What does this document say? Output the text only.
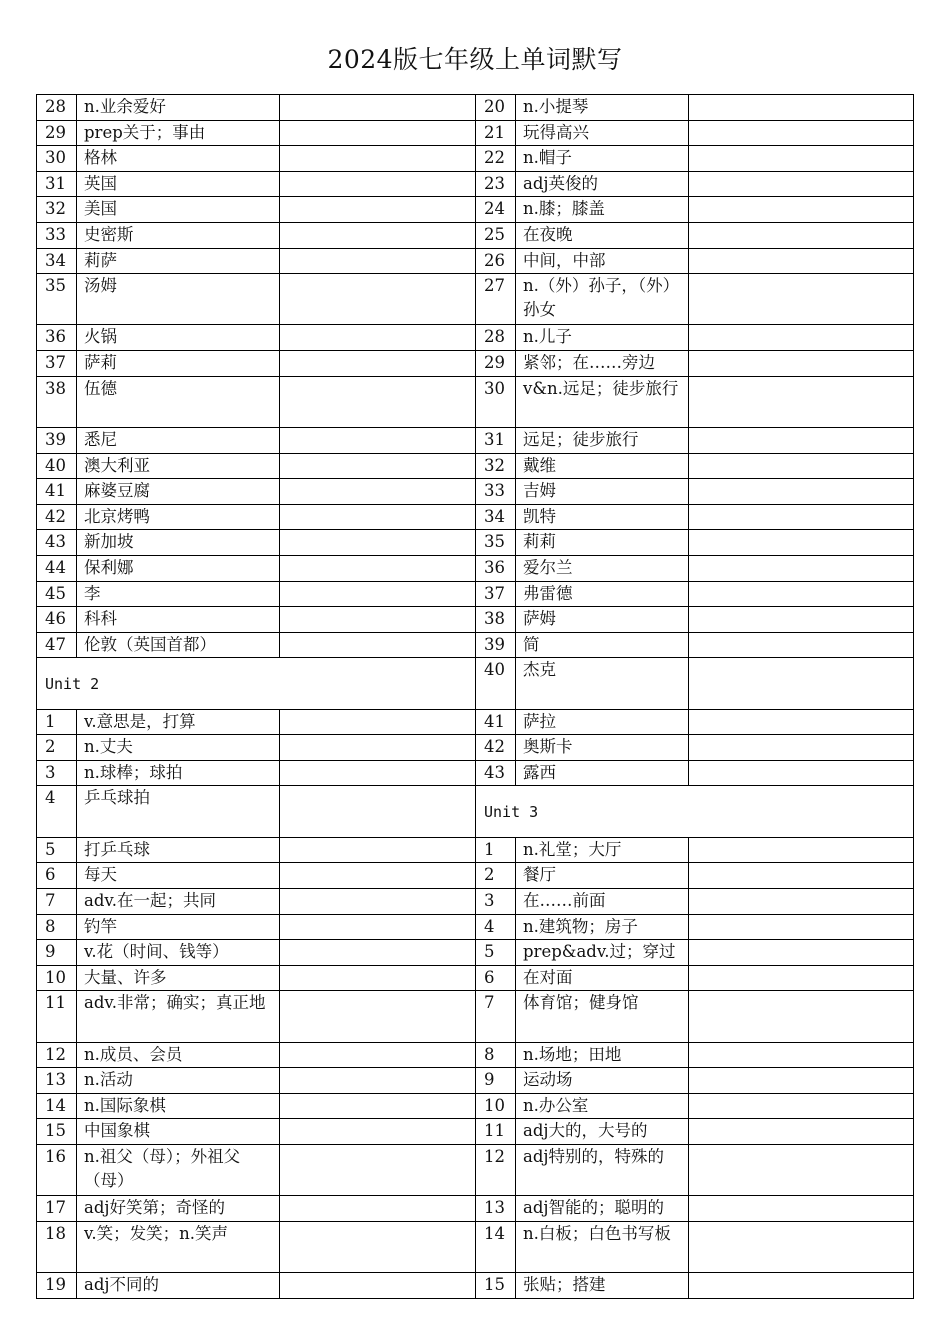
2024版七年级上单词默写
28	n.业余爱好	
29	prep关于；事由	
30	格林	
31	英国	
32	美国	
33	史密斯	
34	莉萨	
35	汤姆	
36	火锅	
37	萨莉	
38	伍德	
39	悉尼	
40	澳大利亚	
41	麻婆豆腐	
42	北京烤鸭	
43	新加坡	
44	保利娜	
45	李	
46	科科	
47	伦敦（英国首都）	
Unit 2		
1	v.意思是，打算	
2	n.丈夫	
3	n.球棒；球拍	
4	乒乓球拍	
5	打乒乓球	
6	每天	
7	adv.在一起；共同	
8	钓竿	
9	v.花（时间、钱等）	
10	大量、许多	
11	adv.非常；确实；真正地	
12	n.成员、会员	
13	n.活动	
14	n.国际象棋	
15	中国象棋	
16	n.祖父（母）；外祖父（母）	
17	adj好笑第；奇怪的	
18	v.笑；发笑；n.笑声	
19	adj不同的	
20	n.小提琴	
21	玩得高兴	
22	n.帽子	
23	adj英俊的	
24	n.膝；膝盖	
25	在夜晚	
26	中间，中部	
27	n.（外）孙子，（外）孙女	
28	n.儿子	
29	紧邻；在……旁边	
30	v&n.远足；徒步旅行	
31	远足；徒步旅行	
32	戴维	
33	吉姆	
34	凯特	
35	莉莉	
36	爱尔兰	
37	弗雷德	
38	萨姆	
39	简	
40	杰克	
41	萨拉	
42	奥斯卡	
43	露西	
Unit 3		
1	n.礼堂；大厅	
2	餐厅	
3	在……前面	
4	n.建筑物；房子	
5	prep&adv.过；穿过	
6	在对面	
7	体育馆；健身馆	
8	n.场地；田地	
9	运动场	
10	n.办公室	
11	adj大的，大号的	
12	adj特别的，特殊的	
13	adj智能的；聪明的	
14	n.白板；白色书写板	
15	张贴；搭建	
